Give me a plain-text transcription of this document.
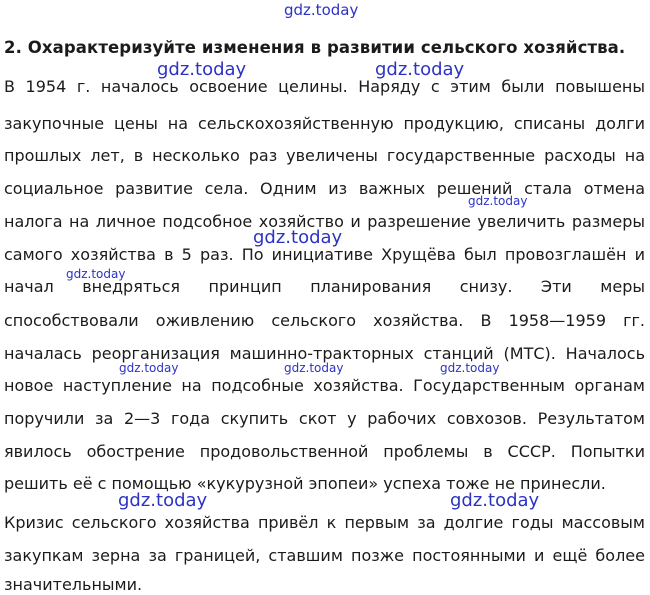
gdz.today
2. Охарактеризуйте изменения в развитии сельского хозяйства.
В 1954 г. началось освоение целины. Наряду с этим были повышены
закупочные цены на сельскохозяйственную продукцию, списаны долги
прошлых лет, в несколько раз увеличены государственные расходы на
социальное развитие села. Одним из важных решений стала отмена
налога на личное подсобное хозяйство и разрешение увеличить размеры
самого хозяйства в 5 раз. По инициативе Хрущёва был провозглашён и
начал внедряться принцип планирования снизу. Эти меры
способствовали оживлению сельского хозяйства. В 1958—1959 гг.
началась реорганизация машинно-тракторных станций (МТС). Началось
новое наступление на подсобные хозяйства. Государственным органам
поручили за 2—3 года скупить скот у рабочих совхозов. Результатом
явилось обострение продовольственной проблемы в СССР. Попытки
решить её с помощью «кукурузной эпопеи» успеха тоже не принесли.
Кризис сельского хозяйства привёл к первым за долгие годы массовым
закупкам зерна за границей, ставшим позже постоянными и ещё более
значительными.
gdz.today	gdz.today
gdz.today
gdz.today
gdz.today
gdz.today	gdz.today	gdz.today
gdz.today	gdz.today
